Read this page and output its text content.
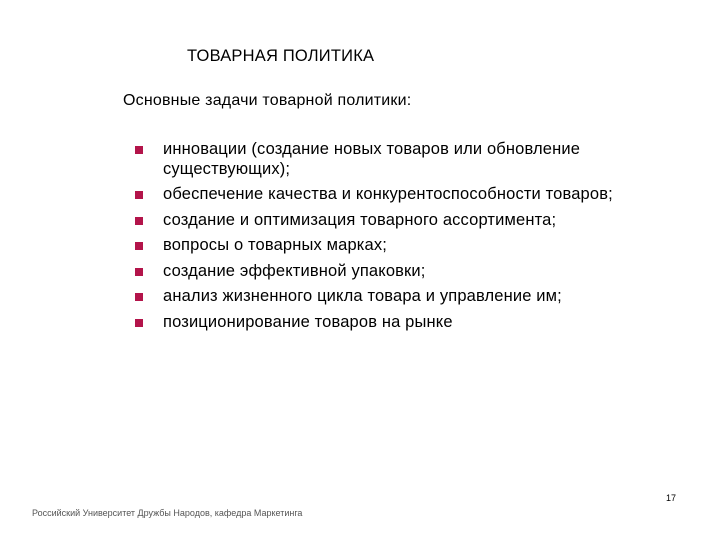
ТОВАРНАЯ ПОЛИТИКА
Основные задачи товарной политики:
инновации (создание новых товаров или обновление существующих);
обеспечение качества и конкурентоспособности товаров;
создание и оптимизация товарного ассортимента;
вопросы о товарных марках;
создание эффективной упаковки;
анализ жизненного цикла товара и управление им;
позиционирование товаров на рынке
17
Российский Университет Дружбы Народов, кафедра Маркетинга
